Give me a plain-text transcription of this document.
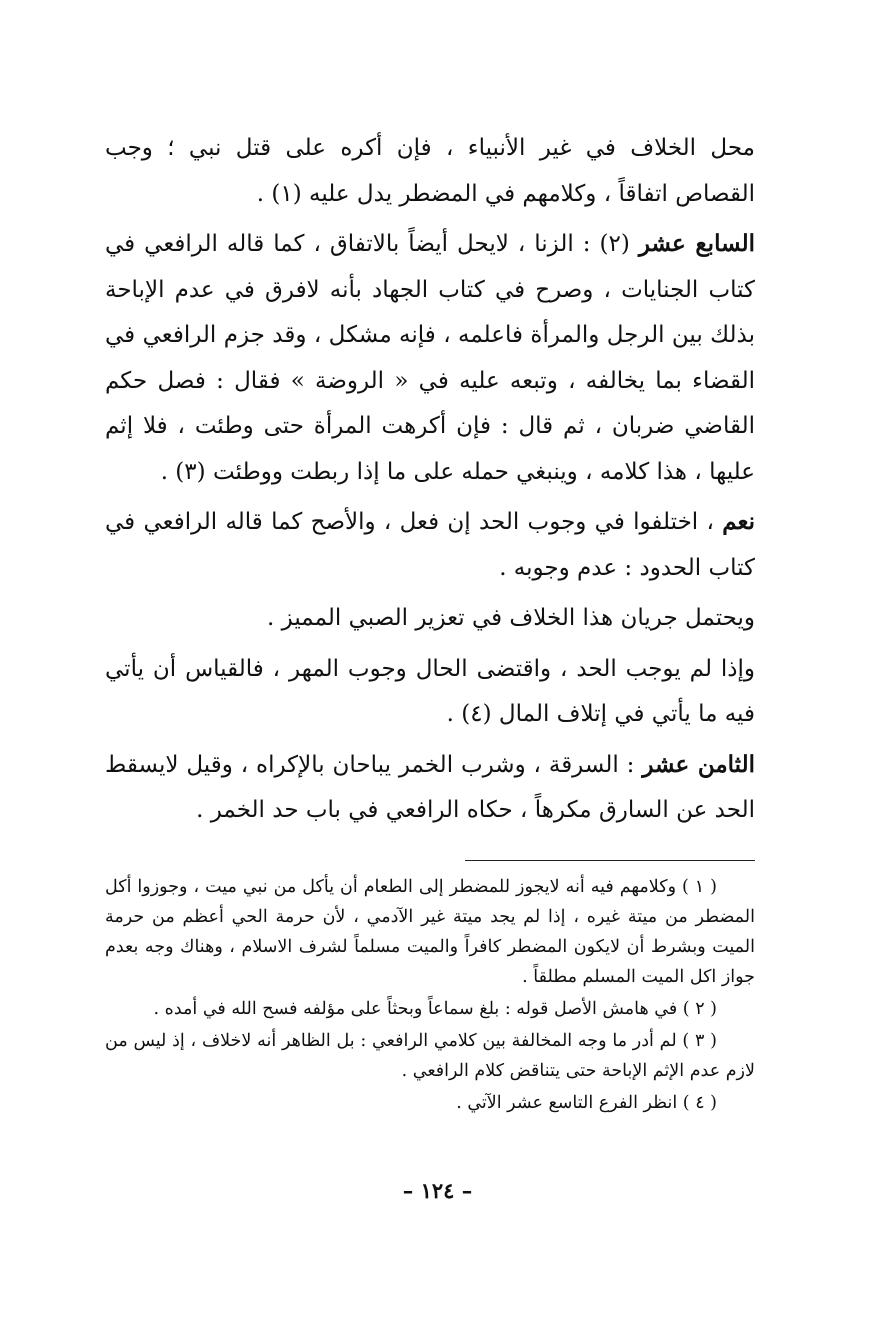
محل الخلاف في غير الأنبياء ، فإن أكره على قتل نبي ؛ وجب القصاص اتفاقاً ، وكلامهم في المضطر يدل عليه (١) .

السابع عشر (٢) : الزنا ، لايحل أيضاً بالاتفاق ، كما قاله الرافعي في كتاب الجنايات ، وصرح في كتاب الجهاد بأنه لافرق في عدم الإباحة بذلك بين الرجل والمرأة فاعلمه ، فإنه مشكل ، وقد جزم الرافعي في القضاء بما يخالفه ، وتبعه عليه في « الروضة » فقال : فصل حكم القاضي ضربان ، ثم قال : فإن أكرهت المرأة حتى وطئت ، فلا إثم عليها ، هذا كلامه ، وينبغي حمله على ما إذا ربطت ووطئت (٣) .

نعم ، اختلفوا في وجوب الحد إن فعل ، والأصح كما قاله الرافعي في كتاب الحدود : عدم وجوبه .

ويحتمل جريان هذا الخلاف في تعزير الصبي المميز .

وإذا لم يوجب الحد ، واقتضى الحال وجوب المهر ، فالقياس أن يأتي فيه ما يأتي في إتلاف المال (٤) .

الثامن عشر : السرقة ، وشرب الخمر يباحان بالإكراه ، وقيل لايسقط الحد عن السارق مكرهاً ، حكاه الرافعي في باب حد الخمر .

( ١ ) وكلامهم فيه أنه لايجوز للمضطر إلى الطعام أن يأكل من نبي ميت ، وجوزوا أكل المضطر من ميتة غيره ، إذا لم يجد ميتة غير الآدمي ، لأن حرمة الحي أعظم من حرمة الميت وبشرط أن لايكون المضطر كافراً والميت مسلماً لشرف الاسلام ، وهناك وجه بعدم جواز اكل الميت المسلم مطلقاً .

( ٢ ) في هامش الأصل قوله : بلغ سماعاً وبحثاً على مؤلفه فسح الله في أمده .

( ٣ ) لم أدر ما وجه المخالفة بين كلامي الرافعي : بل الظاهر أنه لاخلاف ، إذ ليس من لازم عدم الإثم الإباحة حتى يتناقض كلام الرافعي .

( ٤ ) انظر الفرع التاسع عشر الآتي .

– ١٢٤ –
